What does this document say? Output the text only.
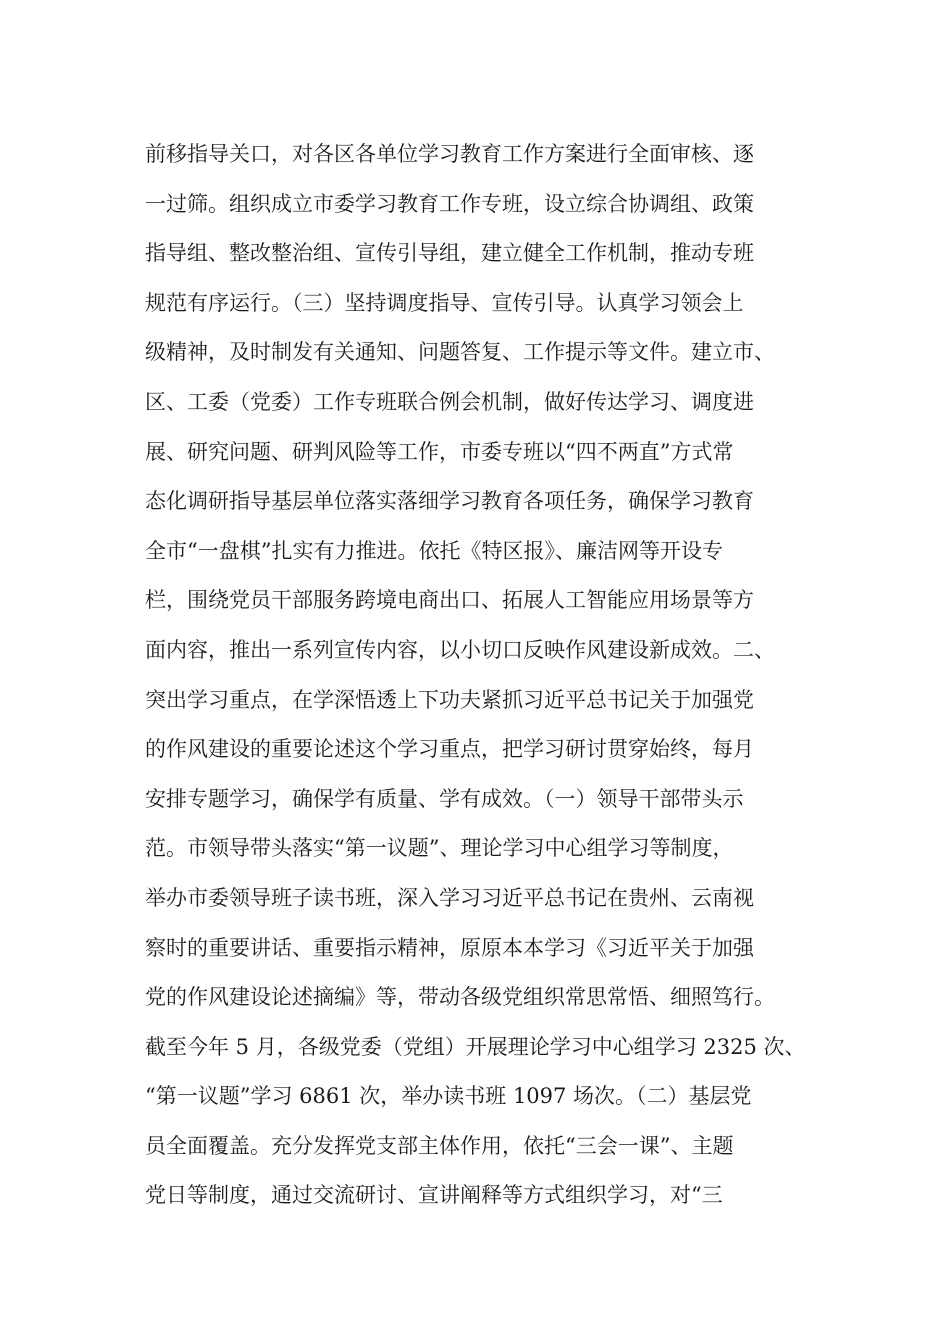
前移指导关口，对各区各单位学习教育工作方案进行全面审核、逐
一过筛。组织成立市委学习教育工作专班，设立综合协调组、政策
指导组、整改整治组、宣传引导组，建立健全工作机制，推动专班
规范有序运行。（三）坚持调度指导、宣传引导。认真学习领会上
级精神，及时制发有关通知、问题答复、工作提示等文件。建立市、
区、工委（党委）工作专班联合例会机制，做好传达学习、调度进
展、研究问题、研判风险等工作，市委专班以“四不两直”方式常
态化调研指导基层单位落实落细学习教育各项任务，确保学习教育
全市“一盘棋”扎实有力推进。依托《特区报》、廉洁网等开设专
栏，围绕党员干部服务跨境电商出口、拓展人工智能应用场景等方
面内容，推出一系列宣传内容，以小切口反映作风建设新成效。二、
突出学习重点，在学深悟透上下功夫紧抓习近平总书记关于加强党
的作风建设的重要论述这个学习重点，把学习研讨贯穿始终，每月
安排专题学习，确保学有质量、学有成效。（一）领导干部带头示
范。市领导带头落实“第一议题”、理论学习中心组学习等制度，
举办市委领导班子读书班，深入学习习近平总书记在贵州、云南视
察时的重要讲话、重要指示精神，原原本本学习《习近平关于加强
党的作风建设论述摘编》等，带动各级党组织常思常悟、细照笃行。
截至今年 5 月，各级党委（党组）开展理论学习中心组学习 2325 次、
“第一议题”学习 6861 次，举办读书班 1097 场次。（二）基层党
员全面覆盖。充分发挥党支部主体作用，依托“三会一课”、主题
党日等制度，通过交流研讨、宣讲阐释等方式组织学习，对“三
